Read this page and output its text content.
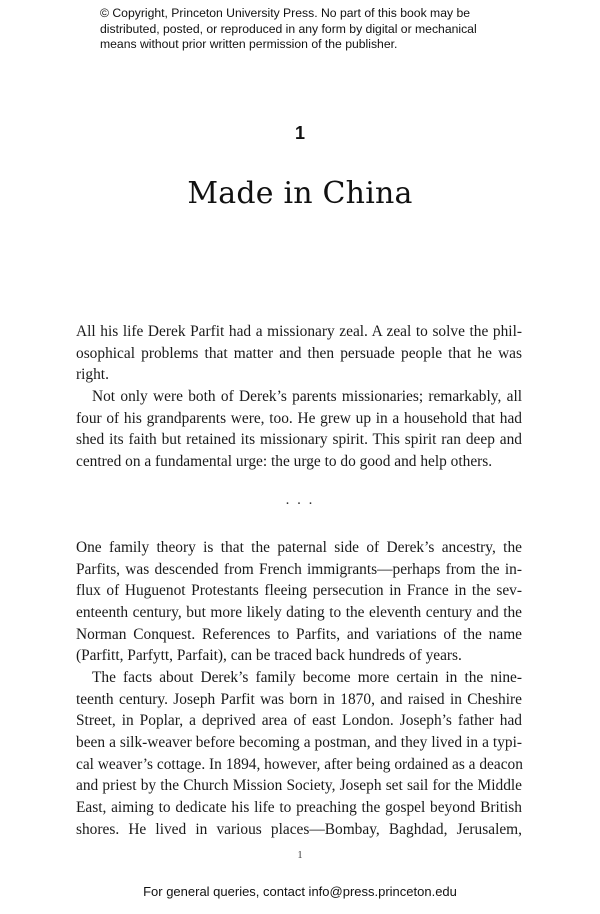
© Copyright, Princeton University Press. No part of this book may be
distributed, posted, or reproduced in any form by digital or mechanical
means without prior written permission of the publisher.
1
Made in China
All his life Derek Parfit had a missionary zeal. A zeal to solve the phil-
osophical problems that matter and then persuade people that he was
right.
Not only were both of Derek’s parents missionaries; remarkably, all
four of his grandparents were, too. He grew up in a household that had
shed its faith but retained its missionary spirit. This spirit ran deep and
centred on a fundamental urge: the urge to do good and help others.
. . .
One family theory is that the paternal side of Derek’s ancestry, the
Parfits, was descended from French immigrants—perhaps from the in-
flux of Huguenot Protestants fleeing persecution in France in the sev-
enteenth century, but more likely dating to the eleventh century and the
Norman Conquest. References to Parfits, and variations of the name
(Parfitt, Parfytt, Parfait), can be traced back hundreds of years.
The facts about Derek’s family become more certain in the nine-
teenth century. Joseph Parfit was born in 1870, and raised in Cheshire
Street, in Poplar, a deprived area of east London. Joseph’s father had
been a silk-weaver before becoming a postman, and they lived in a typi-
cal weaver’s cottage. In 1894, however, after being ordained as a deacon
and priest by the Church Mission Society, Joseph set sail for the Middle
East, aiming to dedicate his life to preaching the gospel beyond British
shores. He lived in various places—Bombay, Baghdad, Jerusalem,
1
For general queries, contact info@press.princeton.edu
